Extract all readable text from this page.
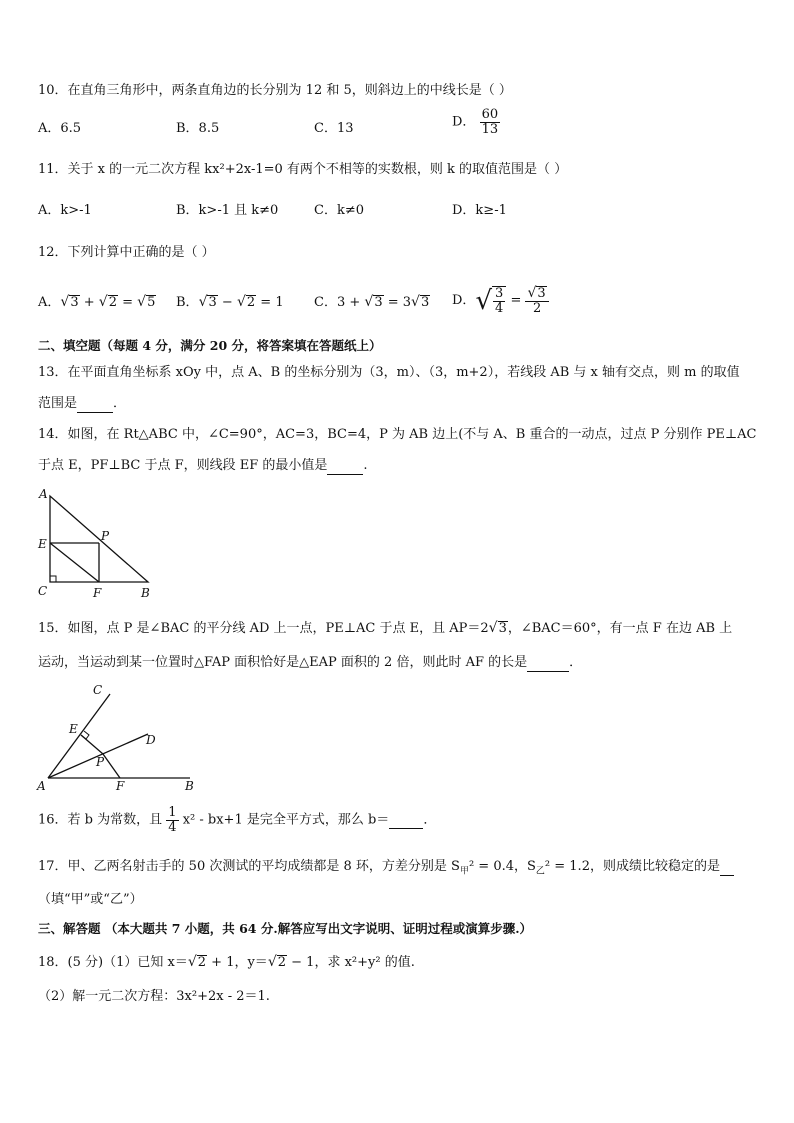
10．在直角三角形中，两条直角边的长分别为 12 和 5，则斜边上的中线长是（ ）
A．6.5	B．8.5	C．13	D． $\frac{60}{13}$
11．关于 x 的一元二次方程 kx²+2x-1=0 有两个不相等的实数根，则 k 的取值范围是（ ）
A．k>-1	B．k>-1 且 k≠0	C．k≠0	D．k≥-1
12．下列计算中正确的是（ ）
A．√3 + √2 = √5 B．√3 − √2 = 1 C．3 + √3 = 3√3 D．√ $\frac{3}{4} = \frac{√3}{2}$
二、填空题（每题 4 分，满分 20 分，将答案填在答题纸上）
13．在平面直角坐标系 xOy 中，点 A、B 的坐标分别为（3，m）、（3，m+2），若线段 AB 与 x 轴有交点，则 m 的取值
范围是	．
14．如图，在 Rt△ABC 中，∠C=90°，AC=3，BC=4，P 为 AB 边上(不与 A、B 重合的一动点，过点 P 分别作 PE⊥AC
于点 E，PF⊥BC 于点 F，则线段 EF 的最小值是	.
A
E
C
P
F	B
15．如图，点 P 是∠BAC 的平分线 AD 上一点，PE⊥AC 于点 E，且 AP＝2√3，∠BAC＝60°，有一点 F 在边 AB 上
运动，当运动到某一位置时△FAP 面积恰好是△EAP 面积的 2 倍，则此时 AF 的长是	．
C
E
D
P
A	F	B
16．若 b 为常数，且 $\frac{1}{4} x^2 - bx+1$ 是完全平方式，那么 b＝	．
17．甲、乙两名射击手的 50 次测试的平均成绩都是 8 环，方差分别是 $S_甲^2 = 0.4$，$S_乙^2 = 1.2$，则成绩比较稳定的是
（填“甲”或“乙”）
三、解答题 （本大题共 7 小题，共 64 分.解答应写出文字说明、证明过程或演算步骤.）
18．(5 分)（1）已知 x＝√2 + 1，y＝√2 − 1，求 x²+y² 的值.
（2）解一元二次方程：3x²+2x - 2＝1.
